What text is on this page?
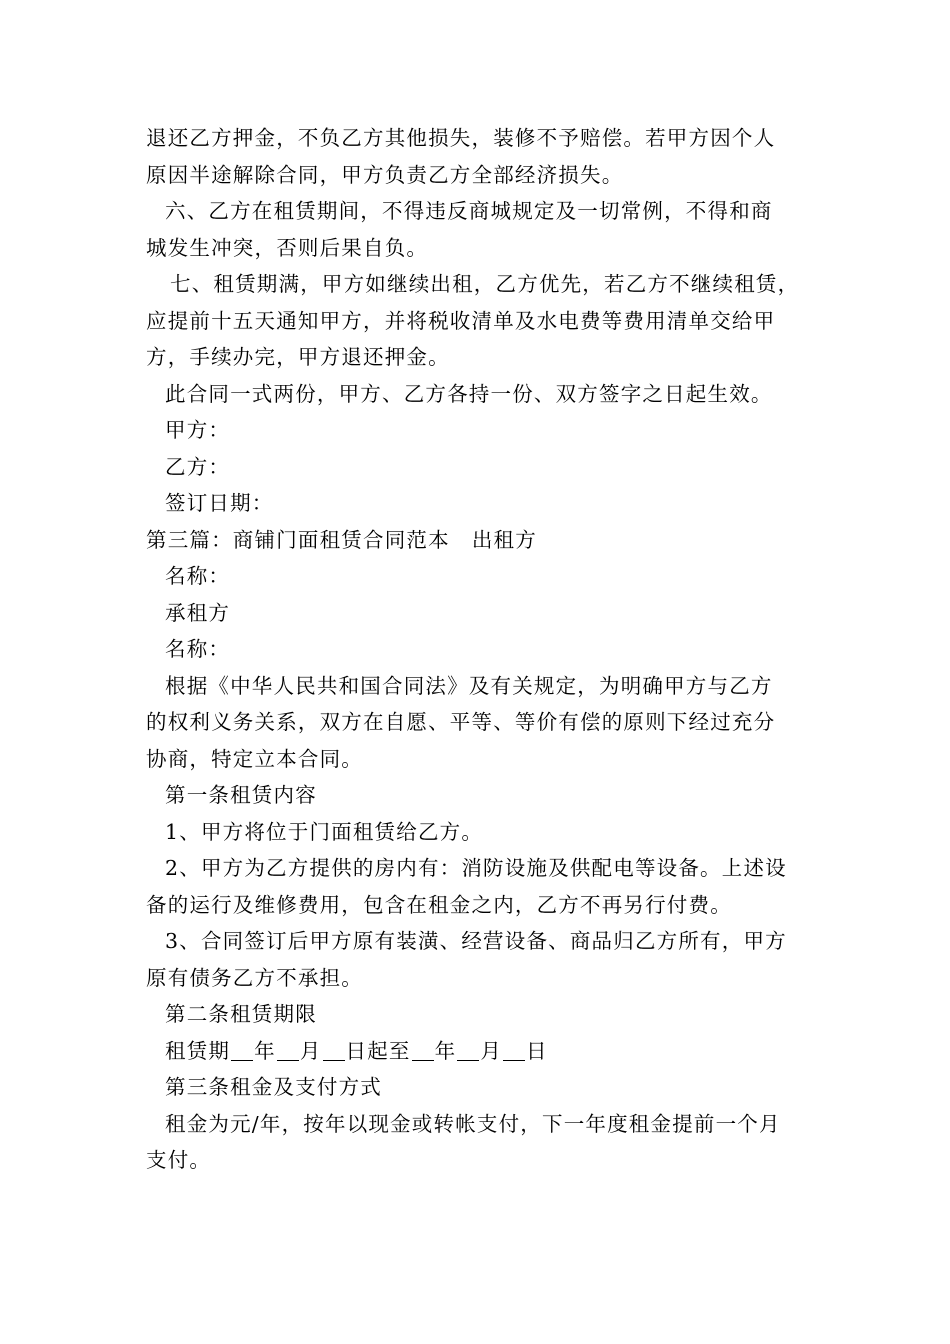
退还乙方押金，不负乙方其他损失，装修不予赔偿。若甲方因个人
原因半途解除合同，甲方负责乙方全部经济损失。
六、乙方在租赁期间，不得违反商城规定及一切常例，不得和商
城发生冲突，否则后果自负。
七、租赁期满，甲方如继续出租，乙方优先，若乙方不继续租赁，
应提前十五天通知甲方，并将税收清单及水电费等费用清单交给甲
方，手续办完，甲方退还押金。
此合同一式两份，甲方、乙方各持一份、双方签字之日起生效。
甲方：
乙方：
签订日期：
第三篇：商铺门面租赁合同范本 出租方
名称：
承租方
名称：
根据《中华人民共和国合同法》及有关规定，为明确甲方与乙方
的权利义务关系，双方在自愿、平等、等价有偿的原则下经过充分
协商，特定立本合同。
第一条租赁内容
1、甲方将位于门面租赁给乙方。
2、甲方为乙方提供的房内有：消防设施及供配电等设备。上述设
备的运行及维修费用，包含在租金之内，乙方不再另行付费。
3、合同签订后甲方原有装潢、经营设备、商品归乙方所有，甲方
原有债务乙方不承担。
第二条租赁期限
租赁期 年 月 日起至 年 月 日
第三条租金及支付方式
租金为元/年，按年以现金或转帐支付，下一年度租金提前一个月
支付。
